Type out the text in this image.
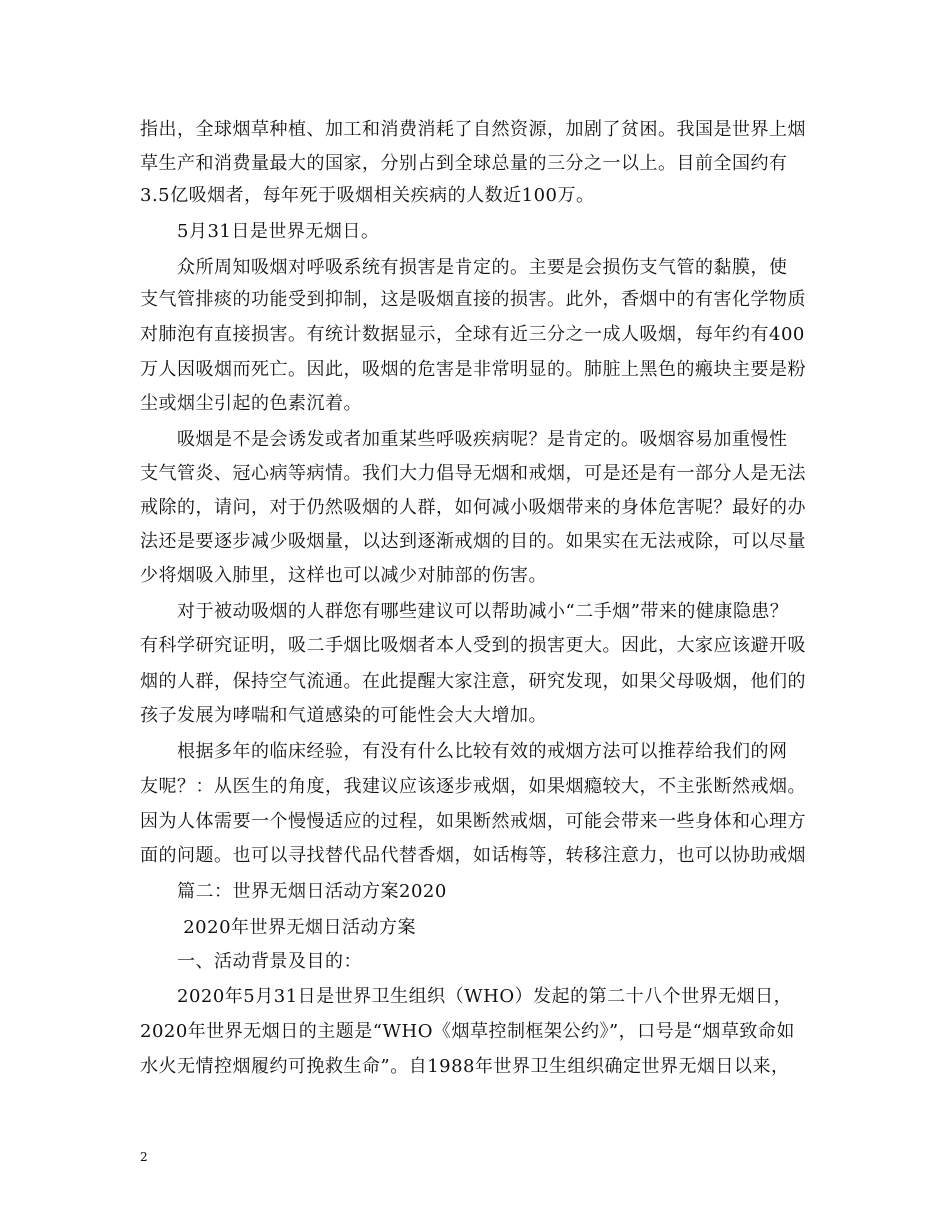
指出，全球烟草种植、加工和消费消耗了自然资源，加剧了贫困。我国是世界上烟
草生产和消费量最大的国家，分别占到全球总量的三分之一以上。目前全国约有
3.5亿吸烟者，每年死于吸烟相关疾病的人数近100万。
　　5月31日是世界无烟日。
　　众所周知吸烟对呼吸系统有损害是肯定的。主要是会损伤支气管的黏膜，使
支气管排痰的功能受到抑制，这是吸烟直接的损害。此外，香烟中的有害化学物质
对肺泡有直接损害。有统计数据显示，全球有近三分之一成人吸烟，每年约有400
万人因吸烟而死亡。因此，吸烟的危害是非常明显的。肺脏上黑色的瘢块主要是粉
尘或烟尘引起的色素沉着。
　　吸烟是不是会诱发或者加重某些呼吸疾病呢？是肯定的。吸烟容易加重慢性
支气管炎、冠心病等病情。我们大力倡导无烟和戒烟，可是还是有一部分人是无法
戒除的，请问，对于仍然吸烟的人群，如何减小吸烟带来的身体危害呢？最好的办
法还是要逐步减少吸烟量，以达到逐渐戒烟的目的。如果实在无法戒除，可以尽量
少将烟吸入肺里，这样也可以减少对肺部的伤害。
　　对于被动吸烟的人群您有哪些建议可以帮助减小“二手烟”带来的健康隐患？
有科学研究证明，吸二手烟比吸烟者本人受到的损害更大。因此，大家应该避开吸
烟的人群，保持空气流通。在此提醒大家注意，研究发现，如果父母吸烟，他们的
孩子发展为哮喘和气道感染的可能性会大大增加。
　　根据多年的临床经验，有没有什么比较有效的戒烟方法可以推荐给我们的网
友呢？：从医生的角度，我建议应该逐步戒烟，如果烟瘾较大，不主张断然戒烟。
因为人体需要一个慢慢适应的过程，如果断然戒烟，可能会带来一些身体和心理方
面的问题。也可以寻找替代品代替香烟，如话梅等，转移注意力，也可以协助戒烟
　　篇二：世界无烟日活动方案2020
　　 2020年世界无烟日活动方案
　　一、活动背景及目的：
　　2020年5月31日是世界卫生组织（WHO）发起的第二十八个世界无烟日，
2020年世界无烟日的主题是“WHO《烟草控制框架公约》”，口号是“烟草致命如
水火无情控烟履约可挽救生命”。自1988年世界卫生组织确定世界无烟日以来，
2
